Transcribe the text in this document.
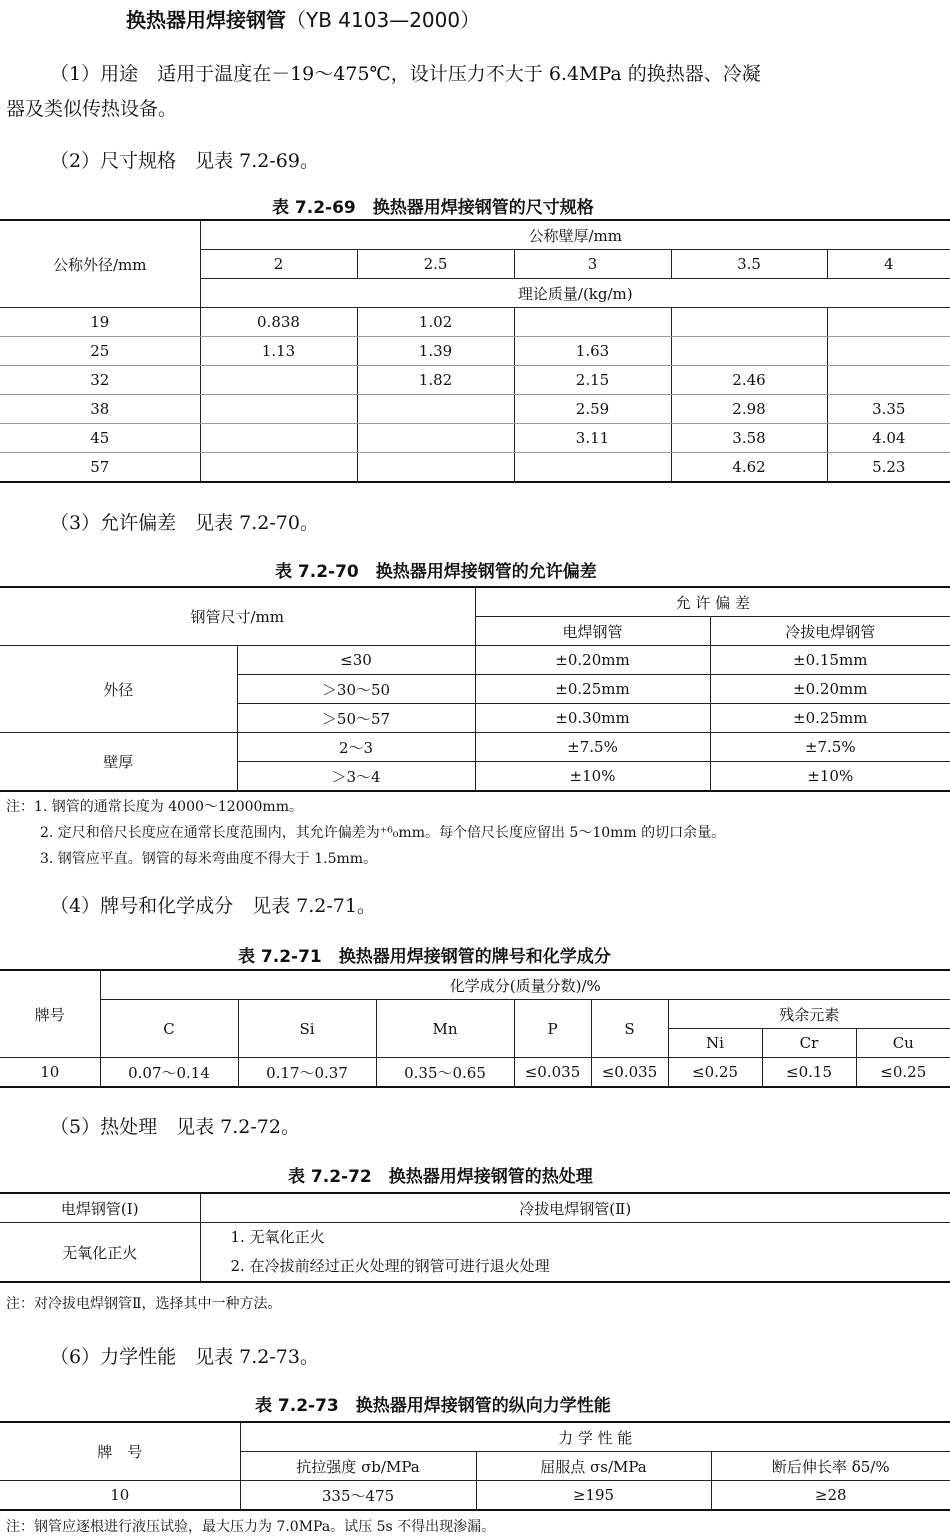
换热器用焊接钢管（YB 4103—2000）
（1）用途　适用于温度在－19～475℃，设计压力不大于 6.4MPa 的换热器、冷凝
器及类似传热设备。
（2）尺寸规格　见表 7.2-69。
表 7.2-69　换热器用焊接钢管的尺寸规格
公称外径/mm	公称壁厚/mm				
	2	2.5	3	3.5	4
	理论质量/(kg/m)				
19	0.838	1.02			
25	1.13	1.39	1.63		
32		1.82	2.15	2.46	
38			2.59	2.98	3.35
45			3.11	3.58	4.04
57				4.62	5.23
（3）允许偏差　见表 7.2-70。
表 7.2-70　换热器用焊接钢管的允许偏差
钢管尺寸/mm		允 许 偏 差	
		电焊钢管	冷拔电焊钢管
外径	≤30	±0.20mm	±0.15mm
	＞30～50	±0.25mm	±0.20mm
	＞50～57	±0.30mm	±0.25mm
壁厚	2～3	±7.5%	±7.5%
	＞3～4	±10%	±10%
注：1. 钢管的通常长度为 4000～12000mm。
2. 定尺和倍尺长度应在通常长度范围内，其允许偏差为⁺⁶₀mm。每个倍尺长度应留出 5～10mm 的切口余量。
3. 钢管应平直。钢管的每米弯曲度不得大于 1.5mm。
（4）牌号和化学成分　见表 7.2-71。
表 7.2-71　换热器用焊接钢管的牌号和化学成分
牌号	化学成分(质量分数)/%							
	C	Si	Mn	P	S	残余元素		
						Ni	Cr	Cu
10	0.07～0.14	0.17～0.37	0.35～0.65	≤0.035	≤0.035	≤0.25	≤0.15	≤0.25
（5）热处理　见表 7.2-72。
表 7.2-72　换热器用焊接钢管的热处理
电焊钢管(Ⅰ)	冷拔电焊钢管(Ⅱ)
无氧化正火	1. 无氧化正火
2. 在冷拔前经过正火处理的钢管可进行退火处理
注：对冷拔电焊钢管Ⅱ，选择其中一种方法。
（6）力学性能　见表 7.2-73。
表 7.2-73　换热器用焊接钢管的纵向力学性能
牌　号	力 学 性 能		
	抗拉强度 σb/MPa	屈服点 σs/MPa	断后伸长率 δ5/%
10	335～475	≥195	≥28
注：钢管应逐根进行液压试验，最大压力为 7.0MPa。试压 5s 不得出现渗漏。
